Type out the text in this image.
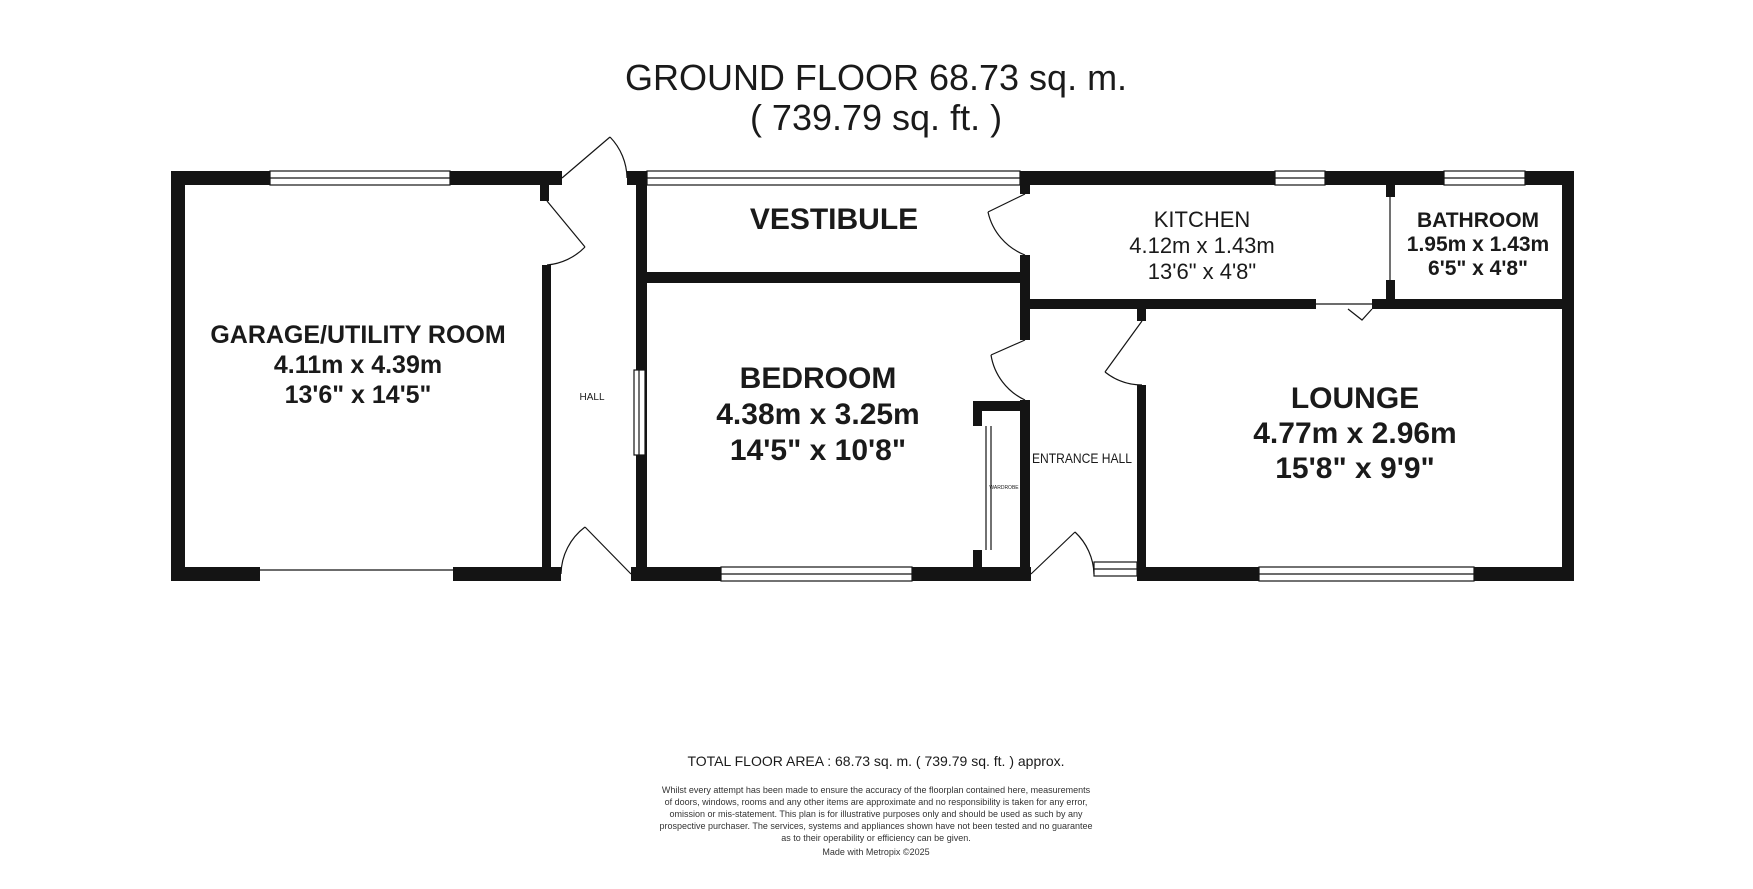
GROUND FLOOR 68.73 sq. m.
( 739.79 sq. ft. )
GARAGE/UTILITY ROOM
4.11m x 4.39m
13'6" x 14'5"	HALL
VESTIBULE
BEDROOM
4.38m x 3.25m
14'5" x 10'8"
WARDROBE
KITCHEN
4.12m x 1.43m
13'6" x 4'8"
BATHROOM
1.95m x 1.43m
6'5" x 4'8"
ENTRANCE HALL
LOUNGE
4.77m x 2.96m
15'8" x 9'9"
TOTAL FLOOR AREA : 68.73 sq. m. ( 739.79 sq. ft. ) approx.
Whilst every attempt has been made to ensure the accuracy of the floorplan contained here, measurements
of doors, windows, rooms and any other items are approximate and no responsibility is taken for any error,
omission or mis-statement. This plan is for illustrative purposes only and should be used as such by any
prospective purchaser. The services, systems and appliances shown have not been tested and no guarantee
as to their operability or efficiency can be given.
Made with Metropix ©2025
